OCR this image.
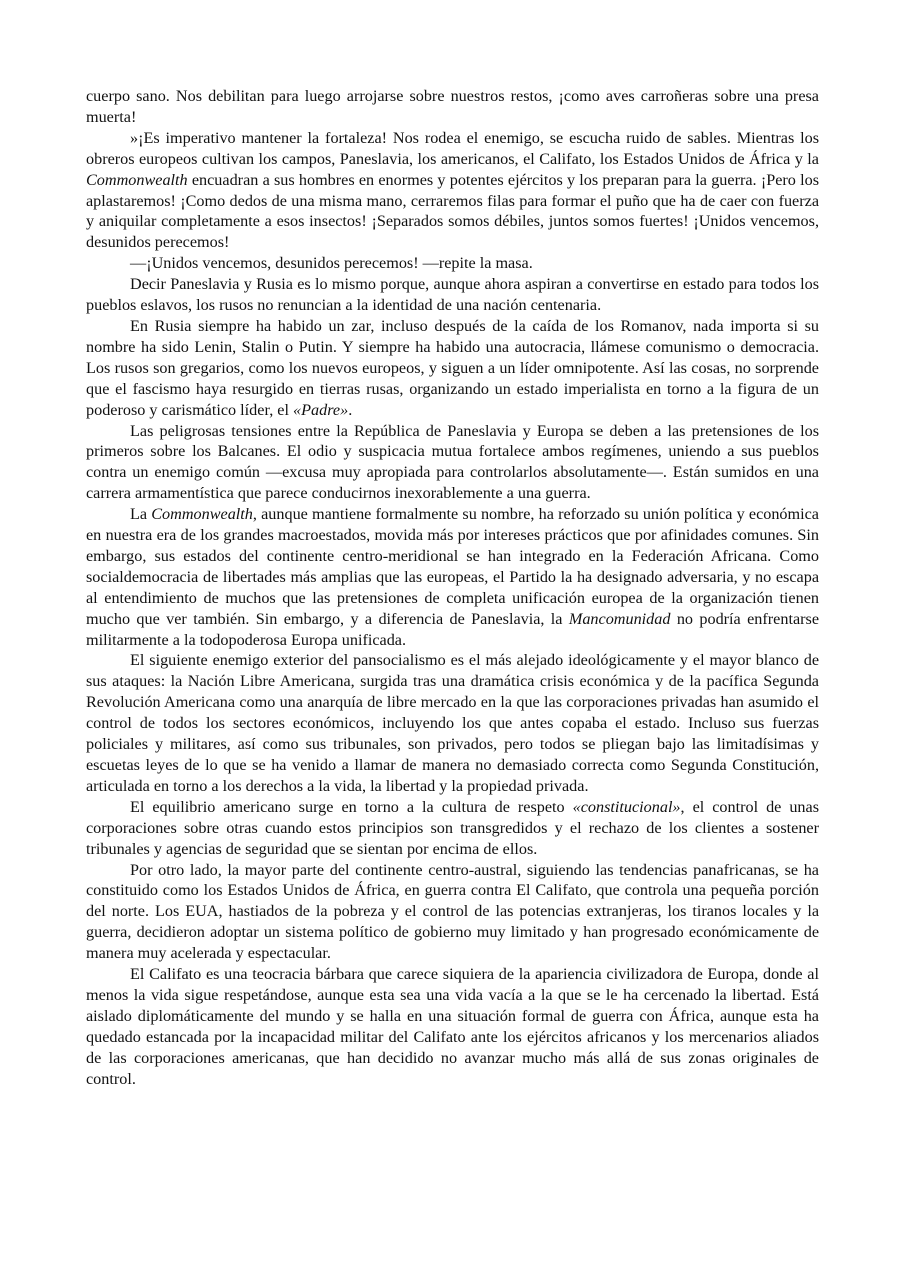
cuerpo sano. Nos debilitan para luego arrojarse sobre nuestros restos, ¡como aves carroñeras sobre una presa muerta!

»¡Es imperativo mantener la fortaleza! Nos rodea el enemigo, se escucha ruido de sables. Mientras los obreros europeos cultivan los campos, Paneslavia, los americanos, el Califato, los Estados Unidos de África y la Commonwealth encuadran a sus hombres en enormes y potentes ejércitos y los preparan para la guerra. ¡Pero los aplastaremos! ¡Como dedos de una misma mano, cerraremos filas para formar el puño que ha de caer con fuerza y aniquilar completamente a esos insectos! ¡Separados somos débiles, juntos somos fuertes! ¡Unidos vencemos, desunidos perecemos!

—¡Unidos vencemos, desunidos perecemos! —repite la masa.

Decir Paneslavia y Rusia es lo mismo porque, aunque ahora aspiran a convertirse en estado para todos los pueblos eslavos, los rusos no renuncian a la identidad de una nación centenaria.

En Rusia siempre ha habido un zar, incluso después de la caída de los Romanov, nada importa si su nombre ha sido Lenin, Stalin o Putin. Y siempre ha habido una autocracia, llámese comunismo o democracia. Los rusos son gregarios, como los nuevos europeos, y siguen a un líder omnipotente. Así las cosas, no sorprende que el fascismo haya resurgido en tierras rusas, organizando un estado imperialista en torno a la figura de un poderoso y carismático líder, el «Padre».

Las peligrosas tensiones entre la República de Paneslavia y Europa se deben a las pretensiones de los primeros sobre los Balcanes. El odio y suspicacia mutua fortalece ambos regímenes, uniendo a sus pueblos contra un enemigo común —excusa muy apropiada para controlarlos absolutamente—. Están sumidos en una carrera armamentística que parece conducirnos inexorablemente a una guerra.

La Commonwealth, aunque mantiene formalmente su nombre, ha reforzado su unión política y económica en nuestra era de los grandes macroestados, movida más por intereses prácticos que por afinidades comunes. Sin embargo, sus estados del continente centro-meridional se han integrado en la Federación Africana. Como socialdemocracia de libertades más amplias que las europeas, el Partido la ha designado adversaria, y no escapa al entendimiento de muchos que las pretensiones de completa unificación europea de la organización tienen mucho que ver también. Sin embargo, y a diferencia de Paneslavia, la Mancomunidad no podría enfrentarse militarmente a la todopoderosa Europa unificada.

El siguiente enemigo exterior del pansocialismo es el más alejado ideológicamente y el mayor blanco de sus ataques: la Nación Libre Americana, surgida tras una dramática crisis económica y de la pacífica Segunda Revolución Americana como una anarquía de libre mercado en la que las corporaciones privadas han asumido el control de todos los sectores económicos, incluyendo los que antes copaba el estado. Incluso sus fuerzas policiales y militares, así como sus tribunales, son privados, pero todos se pliegan bajo las limitadísimas y escuetas leyes de lo que se ha venido a llamar de manera no demasiado correcta como Segunda Constitución, articulada en torno a los derechos a la vida, la libertad y la propiedad privada.

El equilibrio americano surge en torno a la cultura de respeto «constitucional», el control de unas corporaciones sobre otras cuando estos principios son transgredidos y el rechazo de los clientes a sostener tribunales y agencias de seguridad que se sientan por encima de ellos.

Por otro lado, la mayor parte del continente centro-austral, siguiendo las tendencias panafricanas, se ha constituido como los Estados Unidos de África, en guerra contra El Califato, que controla una pequeña porción del norte. Los EUA, hastiados de la pobreza y el control de las potencias extranjeras, los tiranos locales y la guerra, decidieron adoptar un sistema político de gobierno muy limitado y han progresado económicamente de manera muy acelerada y espectacular.

El Califato es una teocracia bárbara que carece siquiera de la apariencia civilizadora de Europa, donde al menos la vida sigue respetándose, aunque esta sea una vida vacía a la que se le ha cercenado la libertad. Está aislado diplomáticamente del mundo y se halla en una situación formal de guerra con África, aunque esta ha quedado estancada por la incapacidad militar del Califato ante los ejércitos africanos y los mercenarios aliados de las corporaciones americanas, que han decidido no avanzar mucho más allá de sus zonas originales de control.
